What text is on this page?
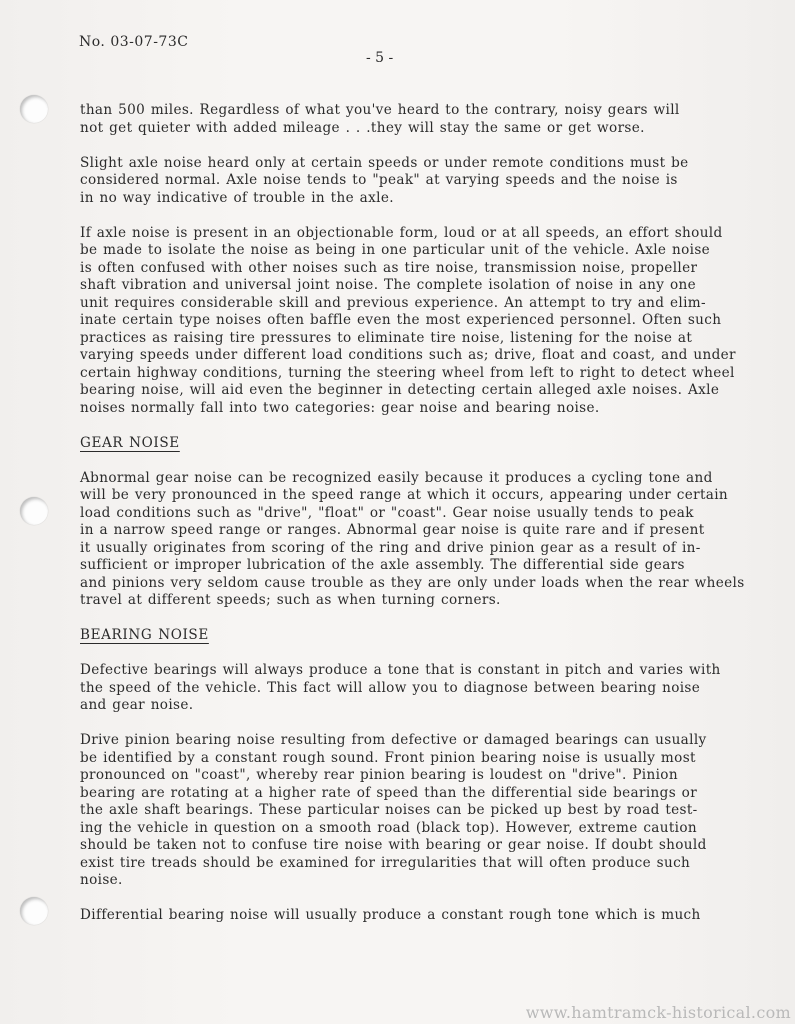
No. 03-07-73C
- 5 -
than 500 miles. Regardless of what you've heard to the contrary, noisy gears will
not get quieter with added mileage . . .they will stay the same or get worse.
Slight axle noise heard only at certain speeds or under remote conditions must be
considered normal. Axle noise tends to "peak" at varying speeds and the noise is
in no way indicative of trouble in the axle.
If axle noise is present in an objectionable form, loud or at all speeds, an effort should
be made to isolate the noise as being in one particular unit of the vehicle. Axle noise
is often confused with other noises such as tire noise, transmission noise, propeller
shaft vibration and universal joint noise. The complete isolation of noise in any one
unit requires considerable skill and previous experience. An attempt to try and elim-
inate certain type noises often baffle even the most experienced personnel. Often such
practices as raising tire pressures to eliminate tire noise, listening for the noise at
varying speeds under different load conditions such as; drive, float and coast, and under
certain highway conditions, turning the steering wheel from left to right to detect wheel
bearing noise, will aid even the beginner in detecting certain alleged axle noises. Axle
noises normally fall into two categories: gear noise and bearing noise.
GEAR NOISE
Abnormal gear noise can be recognized easily because it produces a cycling tone and
will be very pronounced in the speed range at which it occurs, appearing under certain
load conditions such as "drive", "float" or "coast". Gear noise usually tends to peak
in a narrow speed range or ranges. Abnormal gear noise is quite rare and if present
it usually originates from scoring of the ring and drive pinion gear as a result of in-
sufficient or improper lubrication of the axle assembly. The differential side gears
and pinions very seldom cause trouble as they are only under loads when the rear wheels
travel at different speeds; such as when turning corners.
BEARING NOISE
Defective bearings will always produce a tone that is constant in pitch and varies with
the speed of the vehicle. This fact will allow you to diagnose between bearing noise
and gear noise.
Drive pinion bearing noise resulting from defective or damaged bearings can usually
be identified by a constant rough sound. Front pinion bearing noise is usually most
pronounced on "coast", whereby rear pinion bearing is loudest on "drive". Pinion
bearing are rotating at a higher rate of speed than the differential side bearings or
the axle shaft bearings. These particular noises can be picked up best by road test-
ing the vehicle in question on a smooth road (black top). However, extreme caution
should be taken not to confuse tire noise with bearing or gear noise. If doubt should
exist tire treads should be examined for irregularities that will often produce such
noise.
Differential bearing noise will usually produce a constant rough tone which is much
www.hamtramck-historical.com
